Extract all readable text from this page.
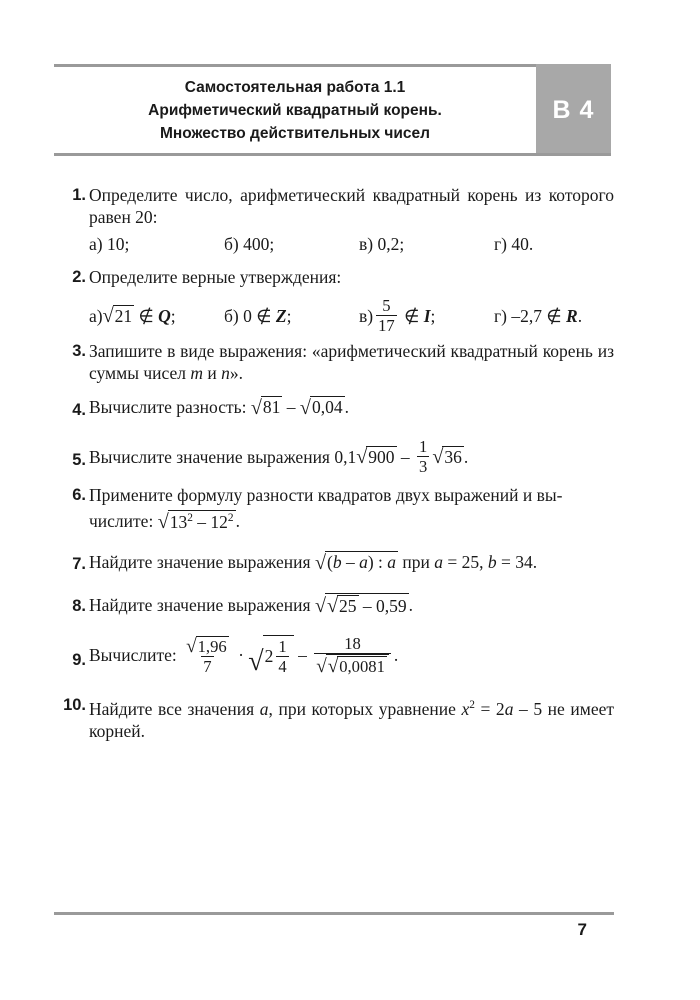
Самостоятельная работа 1.1
Арифметический квадратный корень.
Множество действительных чисел
В 4
1. Определите число, арифметический квадратный корень из которого равен 20:
а) 10;	б) 400;	в) 0,2;	г) 40.
2. Определите верные утверждения:
а) √ 21 ∉ Q ;	б) 0 ∉ Z ;	$в) \frac{5}{17}$ ∉ I ;	г) –2,7 ∉ R .
3. Запишите в виде выражения: «арифметический квадратный корень из суммы чисел m и n».
4. Вычислите разность: √ 81 – √ 0,04 .
5. Вычислите значение выражения 0,1 √ $900 - \frac{1}{3}$ √ 36 .
6. Примените формулу разности квадратов двух выражений и вы-
числите: √ $13^2 - 12^2$ .
7. Найдите значение выражения √ (b – a) : a при a = 25, b = 34.
8. Найдите значение выражения √ √ 25 – 0,59 .
9. Вычислите: $\frac{√ 1,96}{7}$ · √ $2 \frac{1}{4}$ –
18
√ √ 0,0081
.
10. Найдите все значения a, при которых уравнение $x^2 = 2a - 5$ не имеет корней.
7
